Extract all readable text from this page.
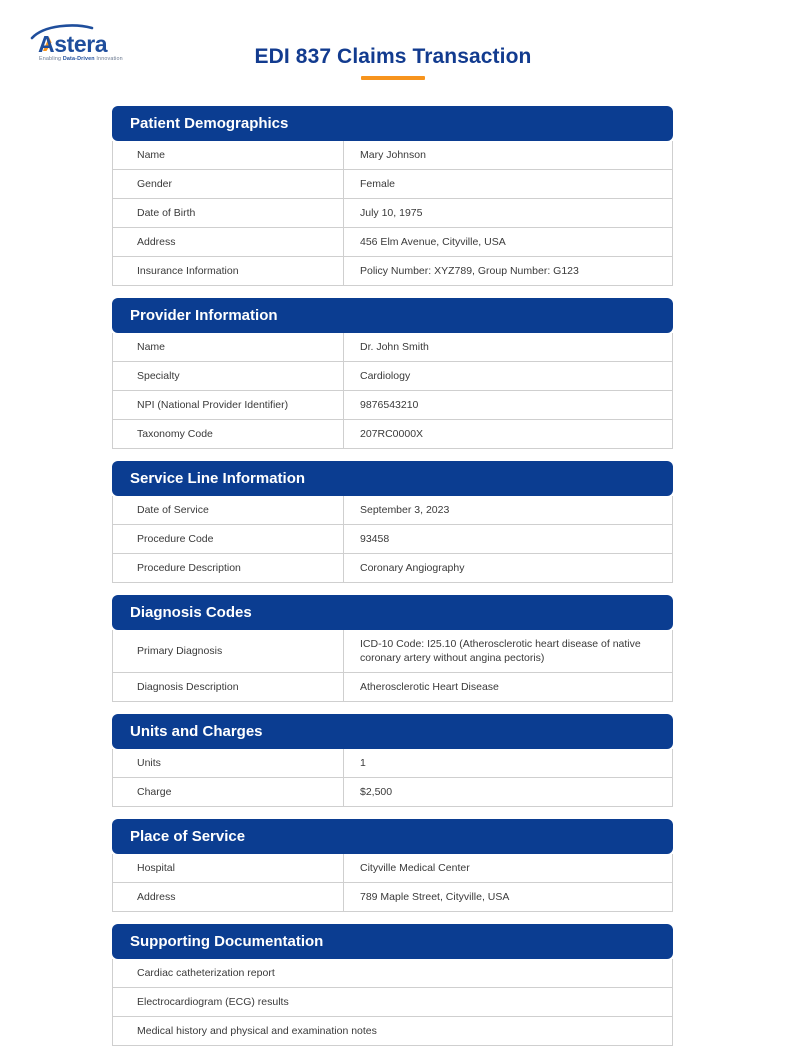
Astera
Enabling Data-Driven Innovation	EDI 837 Claims Transaction
Patient Demographics
Name	Mary Johnson
Gender	Female
Date of Birth	July 10, 1975
Address	456 Elm Avenue, Cityville, USA
Insurance Information	Policy Number: XYZ789, Group Number: G123
Provider Information
Name	Dr. John Smith
Specialty	Cardiology
NPI (National Provider Identifier)	9876543210
Taxonomy Code	207RC0000X
Service Line Information
Date of Service	September 3, 2023
Procedure Code	93458
Procedure Description	Coronary Angiography
Diagnosis Codes
Primary Diagnosis	ICD-10 Code: I25.10 (Atherosclerotic heart disease of native coronary artery without angina pectoris)
Diagnosis Description	Atherosclerotic Heart Disease
Units and Charges
Units	1
Charge	$2,500
Place of Service
Hospital	Cityville Medical Center
Address	789 Maple Street, Cityville, USA
Supporting Documentation
Cardiac catheterization report
Electrocardiogram (ECG) results
Medical history and physical and examination notes
